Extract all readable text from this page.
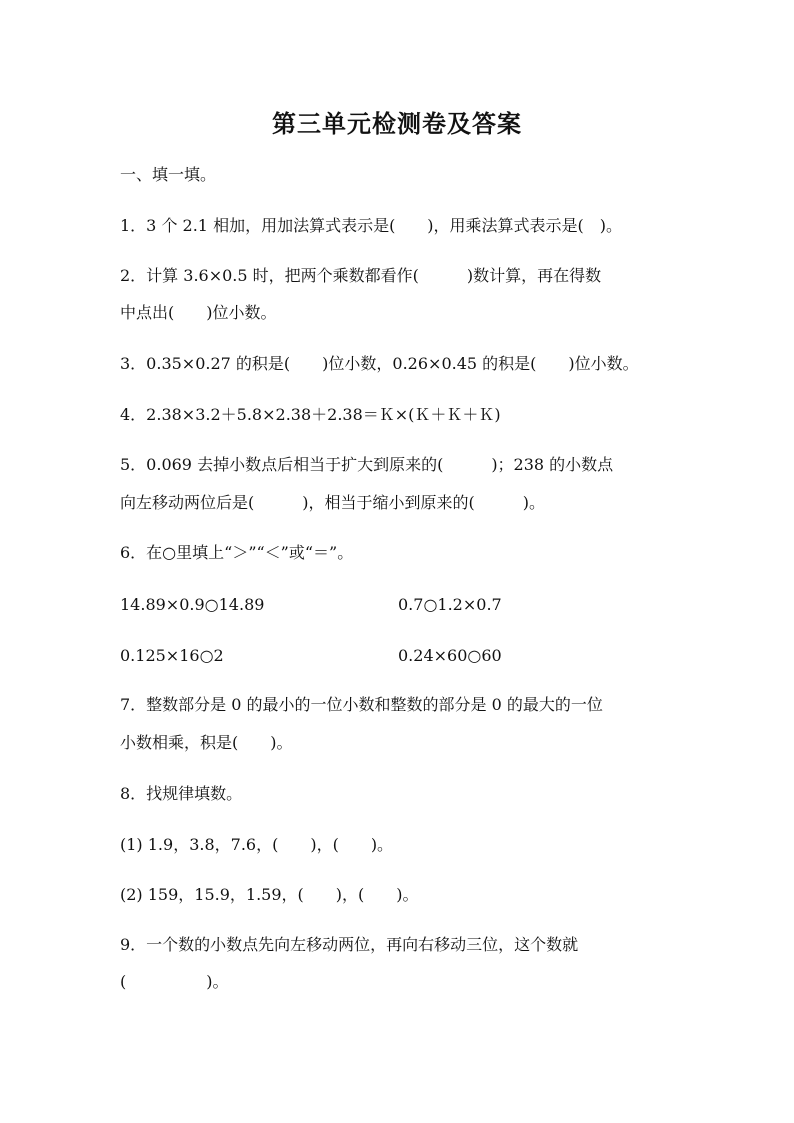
第三单元检测卷及答案
一、填一填。
1．3 个 2.1 相加，用加法算式表示是(　　)，用乘法算式表示是(　)。
2．计算 3.6×0.5 时，把两个乘数都看作(　　　)数计算，再在得数
中点出(　　)位小数。
3．0.35×0.27 的积是(　　)位小数，0.26×0.45 的积是(　　)位小数。
4．2.38×3.2＋5.8×2.38＋2.38＝Ｋ×(Ｋ＋Ｋ＋Ｋ)
5．0.069 去掉小数点后相当于扩大到原来的(　　　)；238 的小数点
向左移动两位后是(　　　)，相当于缩小到原来的(　　　)。
6．在○里填上“＞”“＜”或“＝”。
14.89×0.9○14.89	0.7○1.2×0.7
0.125×16○2	0.24×60○60
7．整数部分是 0 的最小的一位小数和整数的部分是 0 的最大的一位
小数相乘，积是(　　)。
8．找规律填数。
(1) 1.9，3.8，7.6，(　　)，(　　)。
(2) 159，15.9，1.59，(　　)，(　　)。
9．一个数的小数点先向左移动两位，再向右移动三位，这个数就
(　　　　　)。
